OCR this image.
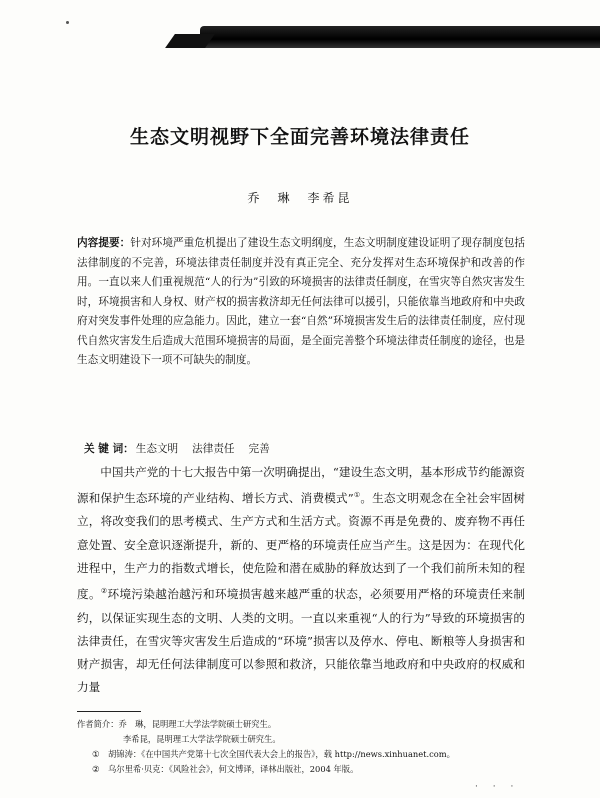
生态文明视野下全面完善环境法律责任
乔　琳　李希昆
内容提要：针对环境严重危机提出了建设生态文明纲度，生态文明制度建设证明了现存制度包括法律制度的不完善，环境法律责任制度并没有真正完全、充分发挥对生态环境保护和改善的作用。一直以来人们重视规范“人的行为”引致的环境损害的法律责任制度，在雪灾等自然灾害发生时，环境损害和人身权、财产权的损害救济却无任何法律可以援引，只能依靠当地政府和中央政府对突发事件处理的应急能力。因此，建立一套“自然”环境损害发生后的法律责任制度，应付现代自然灾害发生后造成大范围环境损害的局面，是全面完善整个环境法律责任制度的途径，也是生态文明建设下一项不可缺失的制度。
关 键 词： 生态文明 法律责任 完善
中国共产党的十七大报告中第一次明确提出，“建设生态文明，基本形成节约能源资源和保护生态环境的产业结构、增长方式、消费模式”①。生态文明观念在全社会牢固树立，将改变我们的思考模式、生产方式和生活方式。资源不再是免费的、废弃物不再任意处置、安全意识逐渐提升，新的、更严格的环境责任应当产生。这是因为：在现代化进程中，生产力的指数式增长，使危险和潜在威胁的释放达到了一个我们前所未知的程度。②环境污染越治越污和环境损害越来越严重的状态，必须要用严格的环境责任来制约，以保证实现生态的文明、人类的文明。一直以来重视“人的行为”导致的环境损害的法律责任，在雪灾等灾害发生后造成的“环境”损害以及停水、停电、断粮等人身损害和财产损害，却无任何法律制度可以参照和救济，只能依靠当地政府和中央政府的权威和力量
作者简介：乔　琳，昆明理工大学法学院硕士研究生。
李希昆，昆明理工大学法学院硕士研究生。
① 胡锦涛：《在中国共产党第十七次全国代表大会上的报告》，载 http://news.xinhuanet.com。
② 乌尔里希·贝克：《风险社会》，何文博译，译林出版社，2004 年版。
· · ·
